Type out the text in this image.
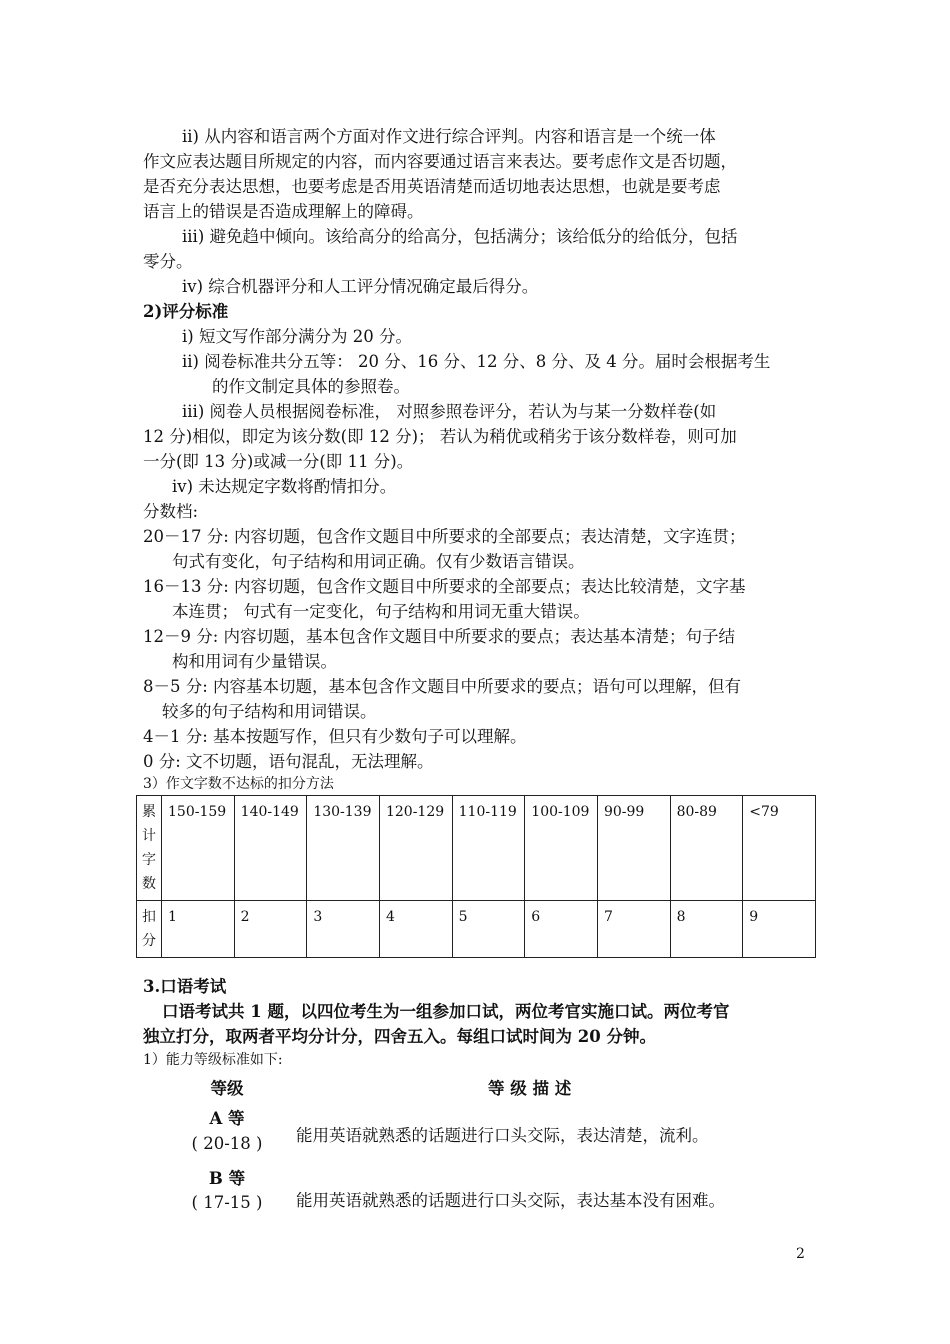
ii) 从内容和语言两个方面对作文进行综合评判。内容和语言是一个统一体
作文应表达题目所规定的内容，而内容要通过语言来表达。要考虑作文是否切题，
是否充分表达思想，也要考虑是否用英语清楚而适切地表达思想，也就是要考虑
语言上的错误是否造成理解上的障碍。
iii) 避免趋中倾向。该给高分的给高分，包括满分；该给低分的给低分，包括
零分。
iv) 综合机器评分和人工评分情况确定最后得分。
2)评分标准
i) 短文写作部分满分为 20 分。
ii) 阅卷标准共分五等： 20 分、16 分、12 分、8 分、及 4 分。届时会根据考生
的作文制定具体的参照卷。
iii) 阅卷人员根据阅卷标准， 对照参照卷评分，若认为与某一分数样卷(如
12 分)相似，即定为该分数(即 12 分)； 若认为稍优或稍劣于该分数样卷，则可加
一分(即 13 分)或减一分(即 11 分)。
iv) 未达规定字数将酌情扣分。
分数档:
20－17 分: 内容切题，包含作文题目中所要求的全部要点；表达清楚，文字连贯；
句式有变化，句子结构和用词正确。仅有少数语言错误。
16－13 分: 内容切题，包含作文题目中所要求的全部要点；表达比较清楚，文字基
本连贯； 句式有一定变化，句子结构和用词无重大错误。
12－9 分: 内容切题，基本包含作文题目中所要求的要点；表达基本清楚；句子结
构和用词有少量错误。
8－5 分: 内容基本切题，基本包含作文题目中所要求的要点；语句可以理解，但有
较多的句子结构和用词错误。
4－1 分: 基本按题写作，但只有少数句子可以理解。
0 分: 文不切题，语句混乱，无法理解。
3）作文字数不达标的扣分方法
累
计
字
数	150-159	140-149	130-139	120-129	110-119	100-109	90-99	80-89	<79

扣
分	1	2	3	4	5	6	7	8	9
3.口语考试
口语考试共 1 题，以四位考生为一组参加口试，两位考官实施口试。两位考官
独立打分，取两者平均分计分，四舍五入。每组口试时间为 20 分钟。
1）能力等级标准如下:
等级	等 级 描 述
A 等
( 20-18 )	能用英语就熟悉的话题进行口头交际，表达清楚，流利。
B 等
( 17-15 )	能用英语就熟悉的话题进行口头交际，表达基本没有困难。
2
